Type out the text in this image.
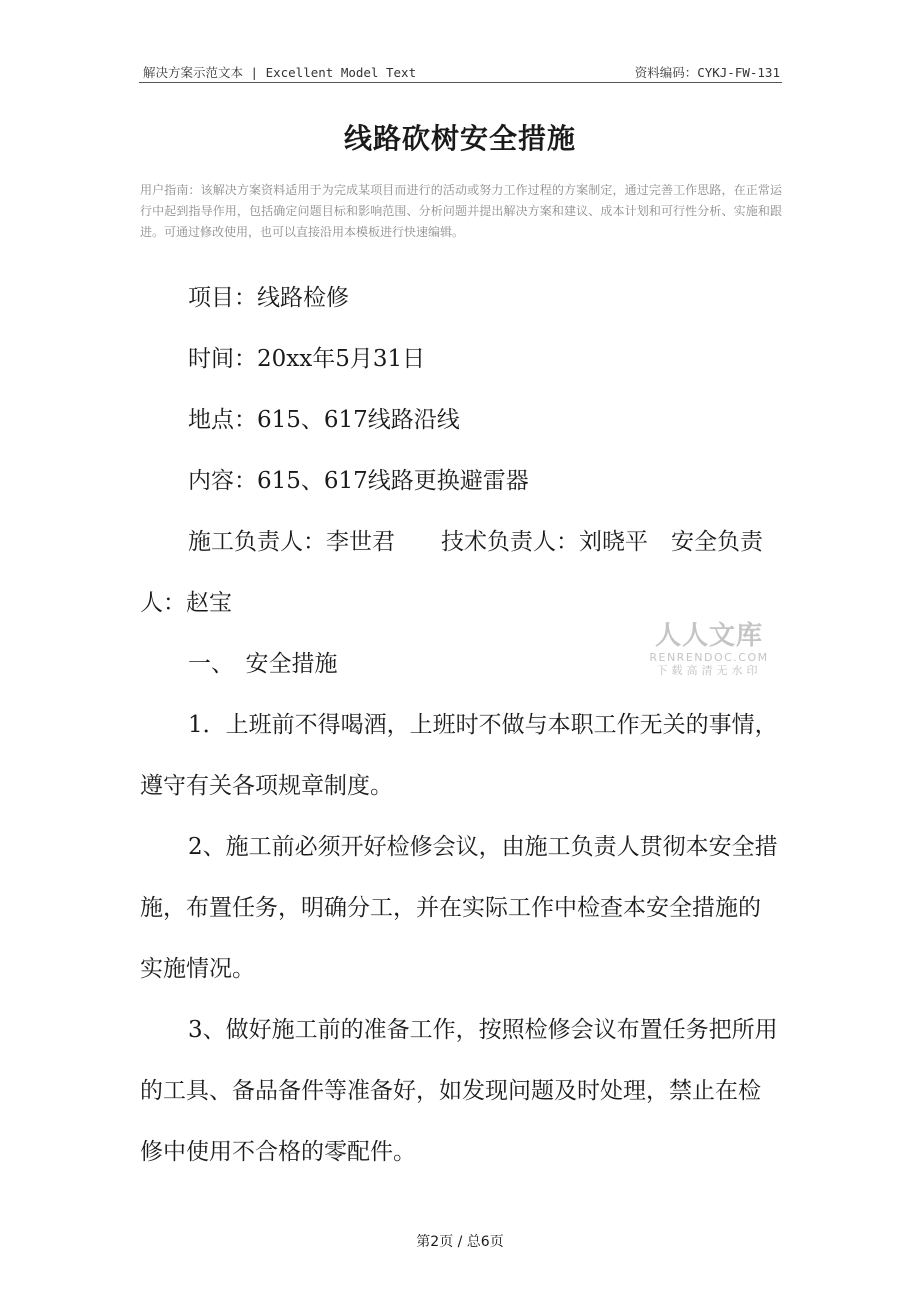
解决方案示范文本 | Excellent Model Text	资料编码：CYKJ-FW-131
线路砍树安全措施
用户指南：该解决方案资料适用于为完成某项目而进行的活动或努力工作过程的方案制定，通过完善工作思路，在正常运行中起到指导作用，包括确定问题目标和影响范围、分析问题并提出解决方案和建议、成本计划和可行性分析、实施和跟进。可通过修改使用，也可以直接沿用本模板进行快速编辑。

项目：线路检修

时间：20xx年5月31日

地点：615、617线路沿线

内容：615、617线路更换避雷器

施工负责人：李世君　　技术负责人：刘晓平　安全负责人：赵宝

一、　安全措施

1．上班前不得喝酒，上班时不做与本职工作无关的事情，遵守有关各项规章制度。

2、施工前必须开好检修会议，由施工负责人贯彻本安全措施，布置任务，明确分工，并在实际工作中检查本安全措施的实施情况。

3、做好施工前的准备工作，按照检修会议布置任务把所用的工具、备品备件等准备好，如发现问题及时处理，禁止在检修中使用不合格的零配件。

人人文库
RENRENDOC.COM
下载高清无水印
第2页 / 总6页
